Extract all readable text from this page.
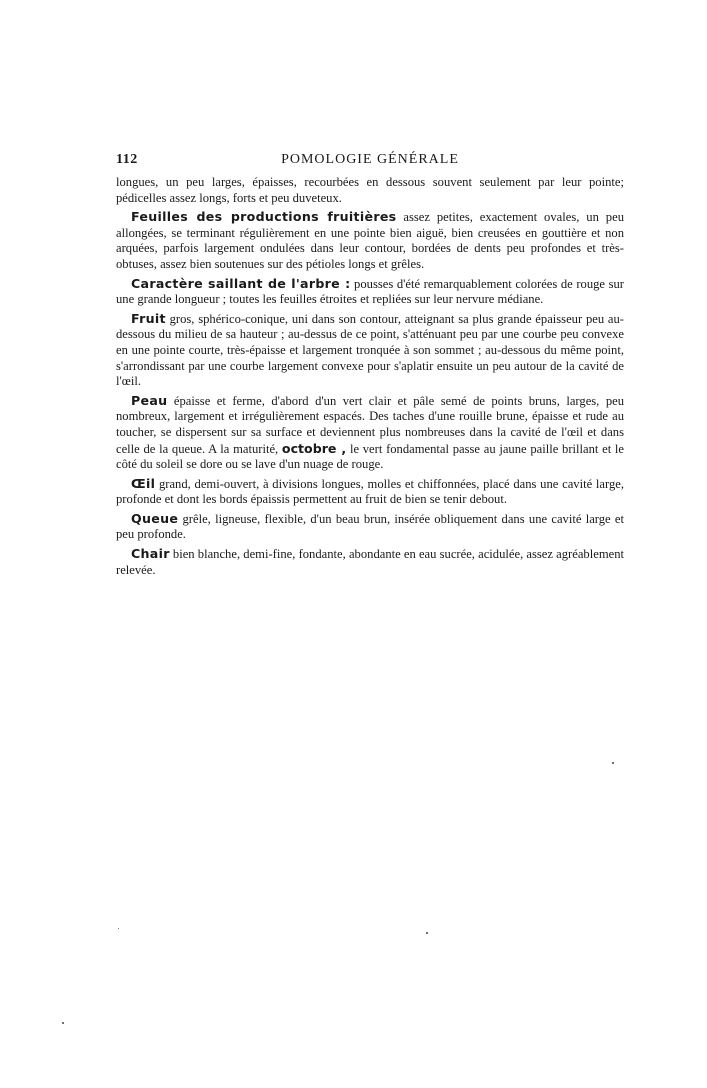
112	POMOLOGIE GÉNÉRALE

longues, un peu larges, épaisses, recourbées en dessous souvent seulement par leur pointe; pédicelles assez longs, forts et peu duveteux.

Feuilles des productions fruitières assez petites, exactement ovales, un peu allongées, se terminant régulièrement en une pointe bien aiguë, bien creusées en gouttière et non arquées, parfois largement ondulées dans leur contour, bordées de dents peu profondes et très-obtuses, assez bien soutenues sur des pétioles longs et grêles.

Caractère saillant de l'arbre : pousses d'été remarquablement colorées de rouge sur une grande longueur ; toutes les feuilles étroites et repliées sur leur nervure médiane.

Fruit gros, sphérico-conique, uni dans son contour, atteignant sa plus grande épaisseur peu au-dessous du milieu de sa hauteur ; au-dessus de ce point, s'atténuant peu par une courbe peu convexe en une pointe courte, très-épaisse et largement tronquée à son sommet ; au-dessous du même point, s'arrondissant par une courbe largement convexe pour s'aplatir ensuite un peu autour de la cavité de l'œil.

Peau épaisse et ferme, d'abord d'un vert clair et pâle semé de points bruns, larges, peu nombreux, largement et irrégulièrement espacés. Des taches d'une rouille brune, épaisse et rude au toucher, se dispersent sur sa surface et deviennent plus nombreuses dans la cavité de l'œil et dans celle de la queue. A la maturité, octobre , le vert fondamental passe au jaune paille brillant et le côté du soleil se dore ou se lave d'un nuage de rouge.

Œil grand, demi-ouvert, à divisions longues, molles et chiffonnées, placé dans une cavité large, profonde et dont les bords épaissis permettent au fruit de bien se tenir debout.

Queue grêle, ligneuse, flexible, d'un beau brun, insérée obliquement dans une cavité large et peu profonde.

Chair bien blanche, demi-fine, fondante, abondante en eau sucrée, acidulée, assez agréablement relevée.
